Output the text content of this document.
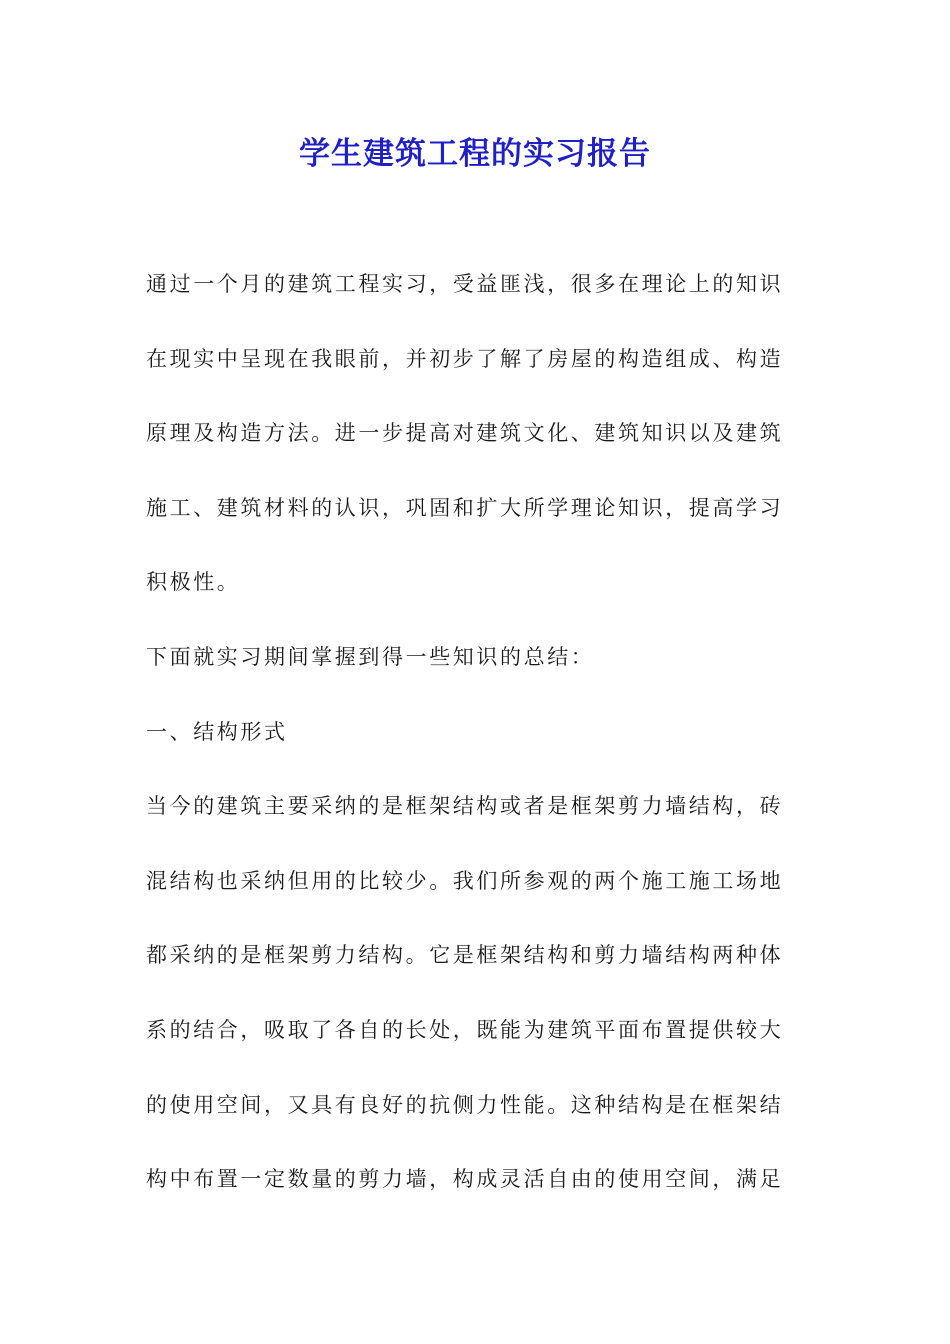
学生建筑工程的实习报告
通过一个月的建筑工程实习，受益匪浅，很多在理论上的知识
在现实中呈现在我眼前，并初步了解了房屋的构造组成、构造
原理及构造方法。进一步提高对建筑文化、建筑知识以及建筑
施工、建筑材料的认识，巩固和扩大所学理论知识，提高学习
积极性。
下面就实习期间掌握到得一些知识的总结：
一、结构形式
当今的建筑主要采纳的是框架结构或者是框架剪力墙结构，砖
混结构也采纳但用的比较少。我们所参观的两个施工施工场地
都采纳的是框架剪力结构。它是框架结构和剪力墙结构两种体
系的结合，吸取了各自的长处，既能为建筑平面布置提供较大
的使用空间，又具有良好的抗侧力性能。这种结构是在框架结
构中布置一定数量的剪力墙，构成灵活自由的使用空间，满足
